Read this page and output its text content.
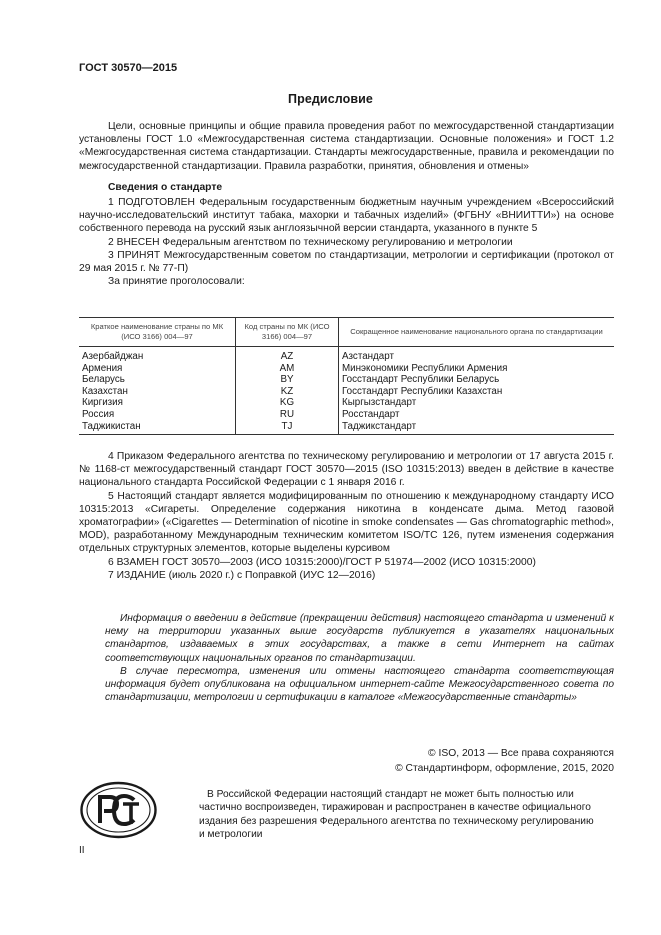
ГОСТ 30570—2015
Предисловие

Цели, основные принципы и общие правила проведения работ по межгосударственной стандартизации установлены ГОСТ 1.0 «Межгосударственная система стандартизации. Основные положения» и ГОСТ 1.2 «Межгосударственная система стандартизации. Стандарты межгосударственные, правила и рекомендации по межгосударственной стандартизации. Правила разработки, принятия, обновления и отмены»

Сведения о стандарте

1 ПОДГОТОВЛЕН Федеральным государственным бюджетным научным учреждением «Всероссийский научно-исследовательский институт табака, махорки и табачных изделий» (ФГБНУ «ВНИИТТИ») на основе собственного перевода на русский язык англоязычной версии стандарта, указанного в пункте 5

2 ВНЕСЕН Федеральным агентством по техническому регулированию и метрологии

3 ПРИНЯТ Межгосударственным советом по стандартизации, метрологии и сертификации (протокол от 29 мая 2015 г. № 77-П)

За принятие проголосовали:

Краткое наименование страны по МК (ИСО 3166) 004—97	Код страны по МК (ИСО 3166) 004—97	Сокращенное наименование национального органа по стандартизации
Азербайджан	AZ	Азстандарт
Армения	AM	Минэкономики Республики Армения
Беларусь	BY	Госстандарт Республики Беларусь
Казахстан	KZ	Госстандарт Республики Казахстан
Киргизия	KG	Кыргызстандарт
Россия	RU	Росстандарт
Таджикистан	TJ	Таджикстандарт

4 Приказом Федерального агентства по техническому регулированию и метрологии от 17 августа 2015 г. № 1168-ст межгосударственный стандарт ГОСТ 30570—2015 (ISO 10315:2013) введен в действие в качестве национального стандарта Российской Федерации с 1 января 2016 г.

5 Настоящий стандарт является модифицированным по отношению к международному стандарту ИСО 10315:2013 «Сигареты. Определение содержания никотина в конденсате дыма. Метод газовой хроматографии» («Cigarettes — Determination of nicotine in smoke condensates — Gas chromatographic method», MOD), разработанному Международным техническим комитетом ISO/TC 126, путем изменения содержания отдельных структурных элементов, которые выделены курсивом

6 ВЗАМЕН ГОСТ 30570—2003 (ИСО 10315:2000)/ГОСТ Р 51974—2002 (ИСО 10315:2000)

7 ИЗДАНИЕ (июль 2020 г.) с Поправкой (ИУС 12—2016)

Информация о введении в действие (прекращении действия) настоящего стандарта и изменений к нему на территории указанных выше государств публикуется в указателях национальных стандартов, издаваемых в этих государствах, а также в сети Интернет на сайтах соответствующих национальных органов по стандартизации.

В случае пересмотра, изменения или отмены настоящего стандарта соответствующая информация будет опубликована на официальном интернет-сайте Межгосударственного совета по стандартизации, метрологии и сертификации в каталоге «Межгосударственные стандарты»

© ISO, 2013 — Все права сохраняются
© Стандартинформ, оформление, 2015, 2020
В Российской Федерации настоящий стандарт не может быть полностью или
частично воспроизведен, тиражирован и распространен в качестве официального
издания без разрешения Федерального агентства по техническому регулированию
и метрологии
II
